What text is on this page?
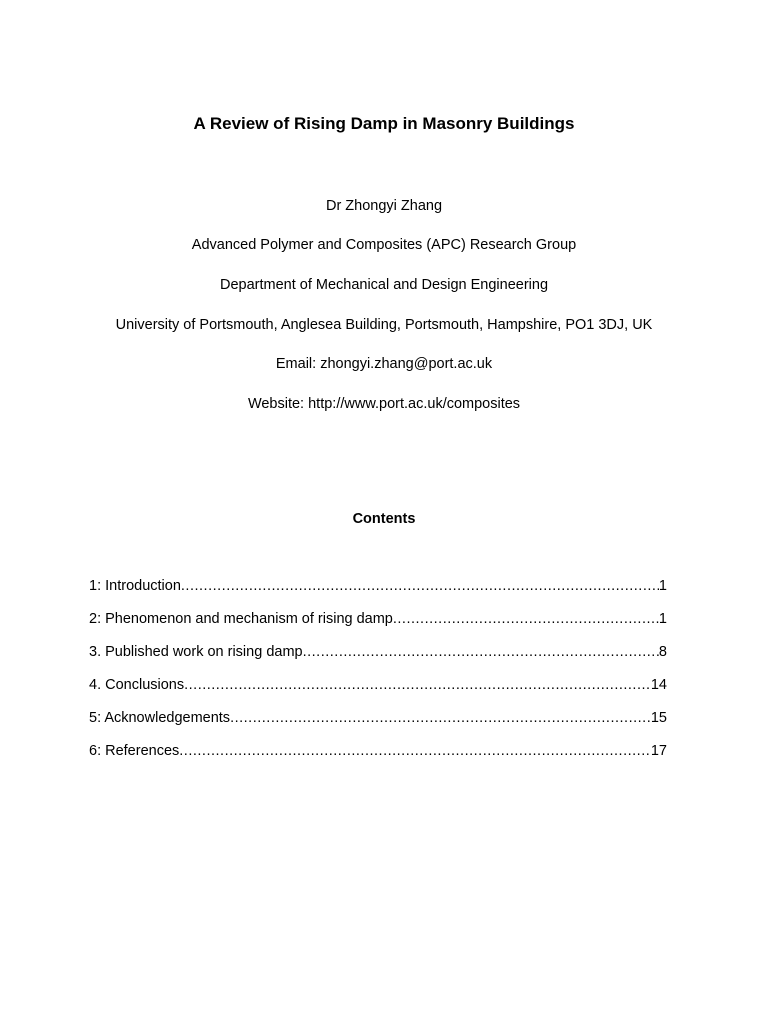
A Review of Rising Damp in Masonry Buildings
Dr Zhongyi Zhang
Advanced Polymer and Composites (APC) Research Group
Department of Mechanical and Design Engineering
University of Portsmouth, Anglesea Building, Portsmouth, Hampshire, PO1 3DJ, UK
Email: zhongyi.zhang@port.ac.uk
Website: http://www.port.ac.uk/composites
Contents
1: Introduction .....	1
2: Phenomenon and mechanism of rising damp .....	1
3. Published work on rising damp .....	8
4. Conclusions .....	14
5: Acknowledgements .....	15
6: References .....	17
